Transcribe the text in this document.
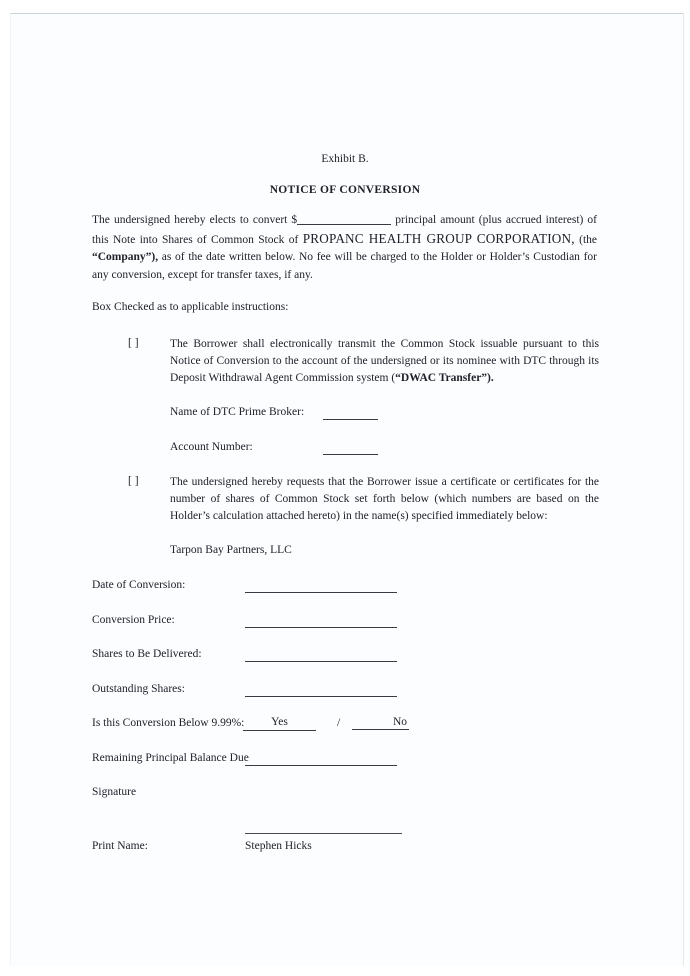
Exhibit B.
NOTICE OF CONVERSION
The undersigned hereby elects to convert $	principal amount (plus accrued interest) of this Note into Shares of Common Stock of PROPANC HEALTH GROUP CORPORATION, (the “Company”), as of the date written below. No fee will be charged to the Holder or Holder’s Custodian for any conversion, except for transfer taxes, if any.
Box Checked as to applicable instructions:
[ ]	The Borrower shall electronically transmit the Common Stock issuable pursuant to this Notice of Conversion to the account of the undersigned or its nominee with DTC through its Deposit Withdrawal Agent Commission system (“DWAC Transfer”).
Name of DTC Prime Broker:
Account Number:
[ ]	The undersigned hereby requests that the Borrower issue a certificate or certificates for the number of shares of Common Stock set forth below (which numbers are based on the Holder’s calculation attached hereto) in the name(s) specified immediately below:
Tarpon Bay Partners, LLC
Date of Conversion:
Conversion Price:
Shares to Be Delivered:
Outstanding Shares:
Is this Conversion Below 9.99%:	Yes	/	No
Remaining Principal Balance Due
Signature
Print Name:	Stephen Hicks
